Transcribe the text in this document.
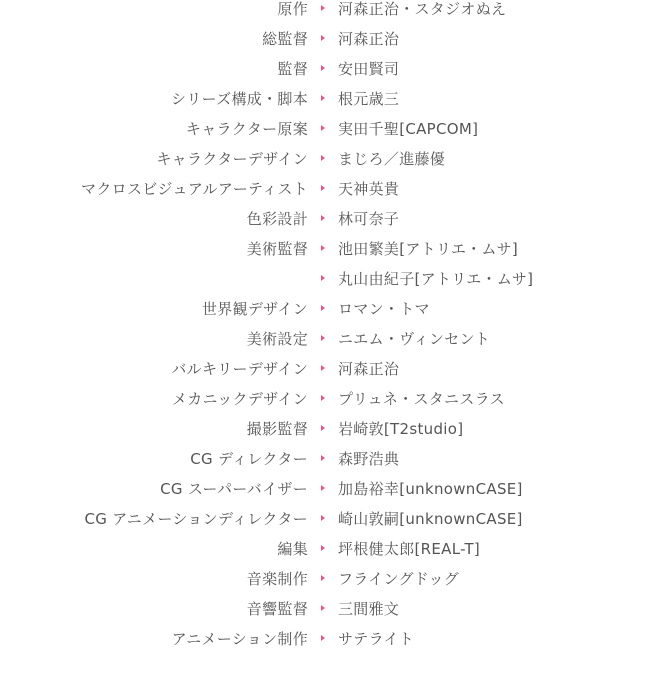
原作 河森正治・スタジオぬえ
総監督 河森正治
監督 安田賢司
シリーズ構成・脚本 根元歳三
キャラクター原案 実田千聖[CAPCOM]
キャラクターデザイン まじろ／進藤優
マクロスビジュアルアーティスト 天神英貴
色彩設計 林可奈子
美術監督 池田繁美[アトリエ・ムサ]
丸山由紀子[アトリエ・ムサ]
世界観デザイン ロマン・トマ
美術設定 ニエム・ヴィンセント
バルキリーデザイン 河森正治
メカニックデザイン プリュネ・スタニスラス
撮影監督 岩崎敦[T2studio]
CG ディレクター 森野浩典
CG スーパーバイザー 加島裕幸[unknownCASE]
CG アニメーションディレクター 崎山敦嗣[unknownCASE]
編集 坪根健太郎[REAL-T]
音楽制作 フライングドッグ
音響監督 三間雅文
アニメーション制作 サテライト
